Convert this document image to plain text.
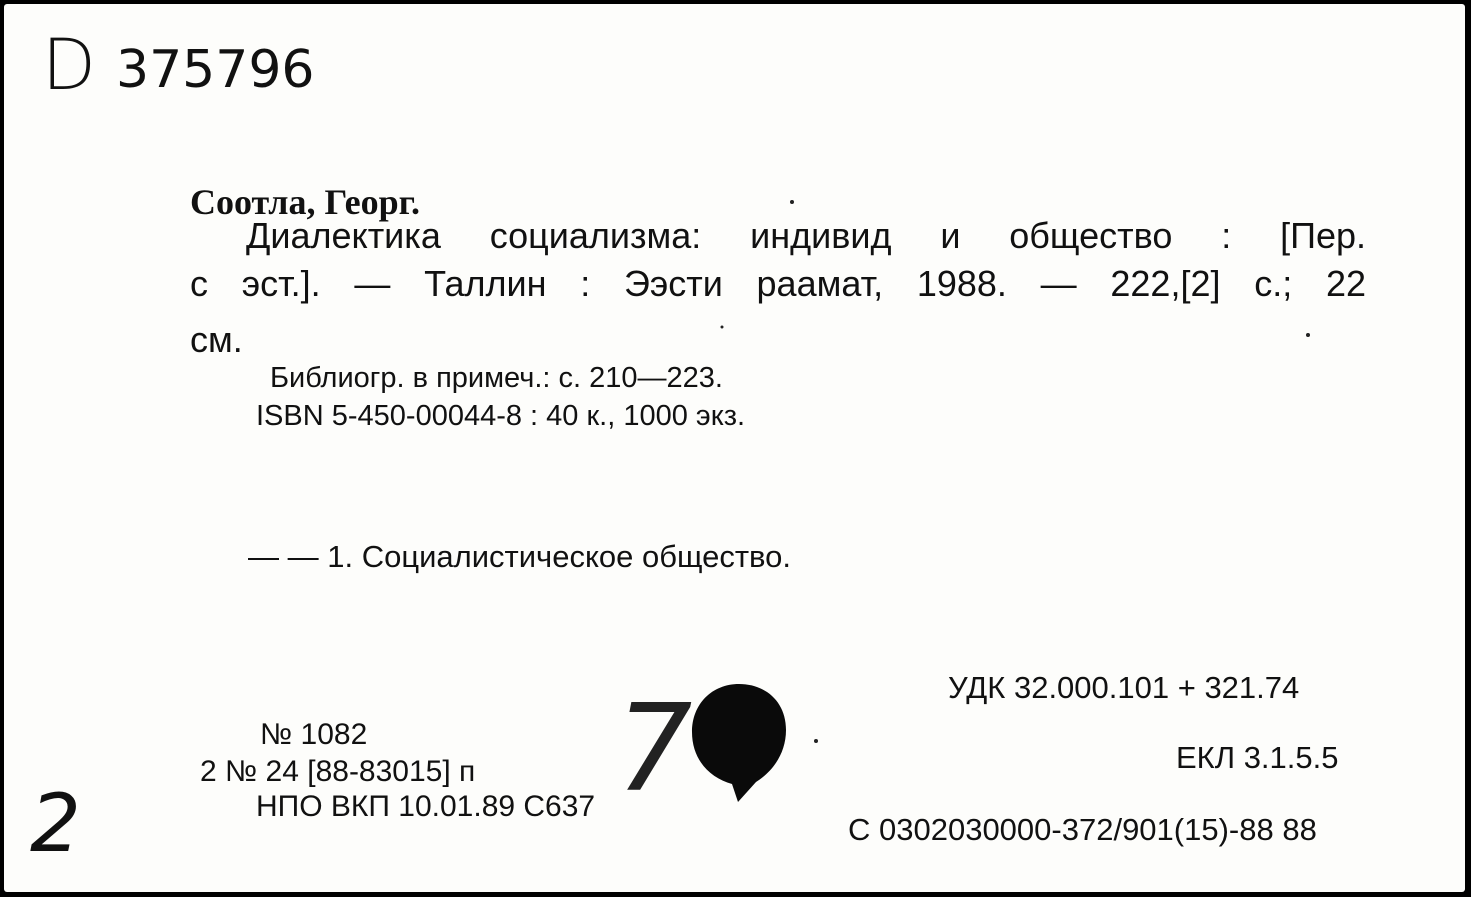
D 375796
Соотла, Георг.
Диалектика социализма: индивид и общество : [Пер.
с эст.]. — Таллин : Ээсти раамат, 1988. — 222,[2] с.; 22
см.
Библиогр. в примеч.: с. 210—223.
ISBN 5-450-00044-8 : 40 к., 1000 экз.
— — 1. Социалистическое общество.
УДК 32.000.101 + 321.74
ЕКЛ 3.1.5.5
С 0302030000-372/901(15)-88 88
№ 1082
2 № 24 [88-83015] п
НПО ВКП 10.01.89 С637
2
7
